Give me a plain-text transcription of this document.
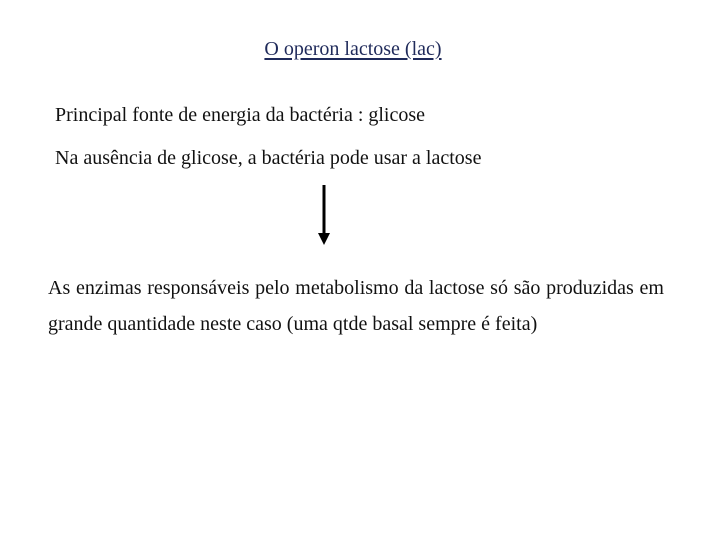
O operon lactose (lac)
Principal fonte de energia da bactéria : glicose
Na ausência de glicose, a bactéria pode usar a lactose
As enzimas responsáveis pelo metabolismo da lactose só são produzidas em grande quantidade neste caso (uma qtde basal sempre é feita)
